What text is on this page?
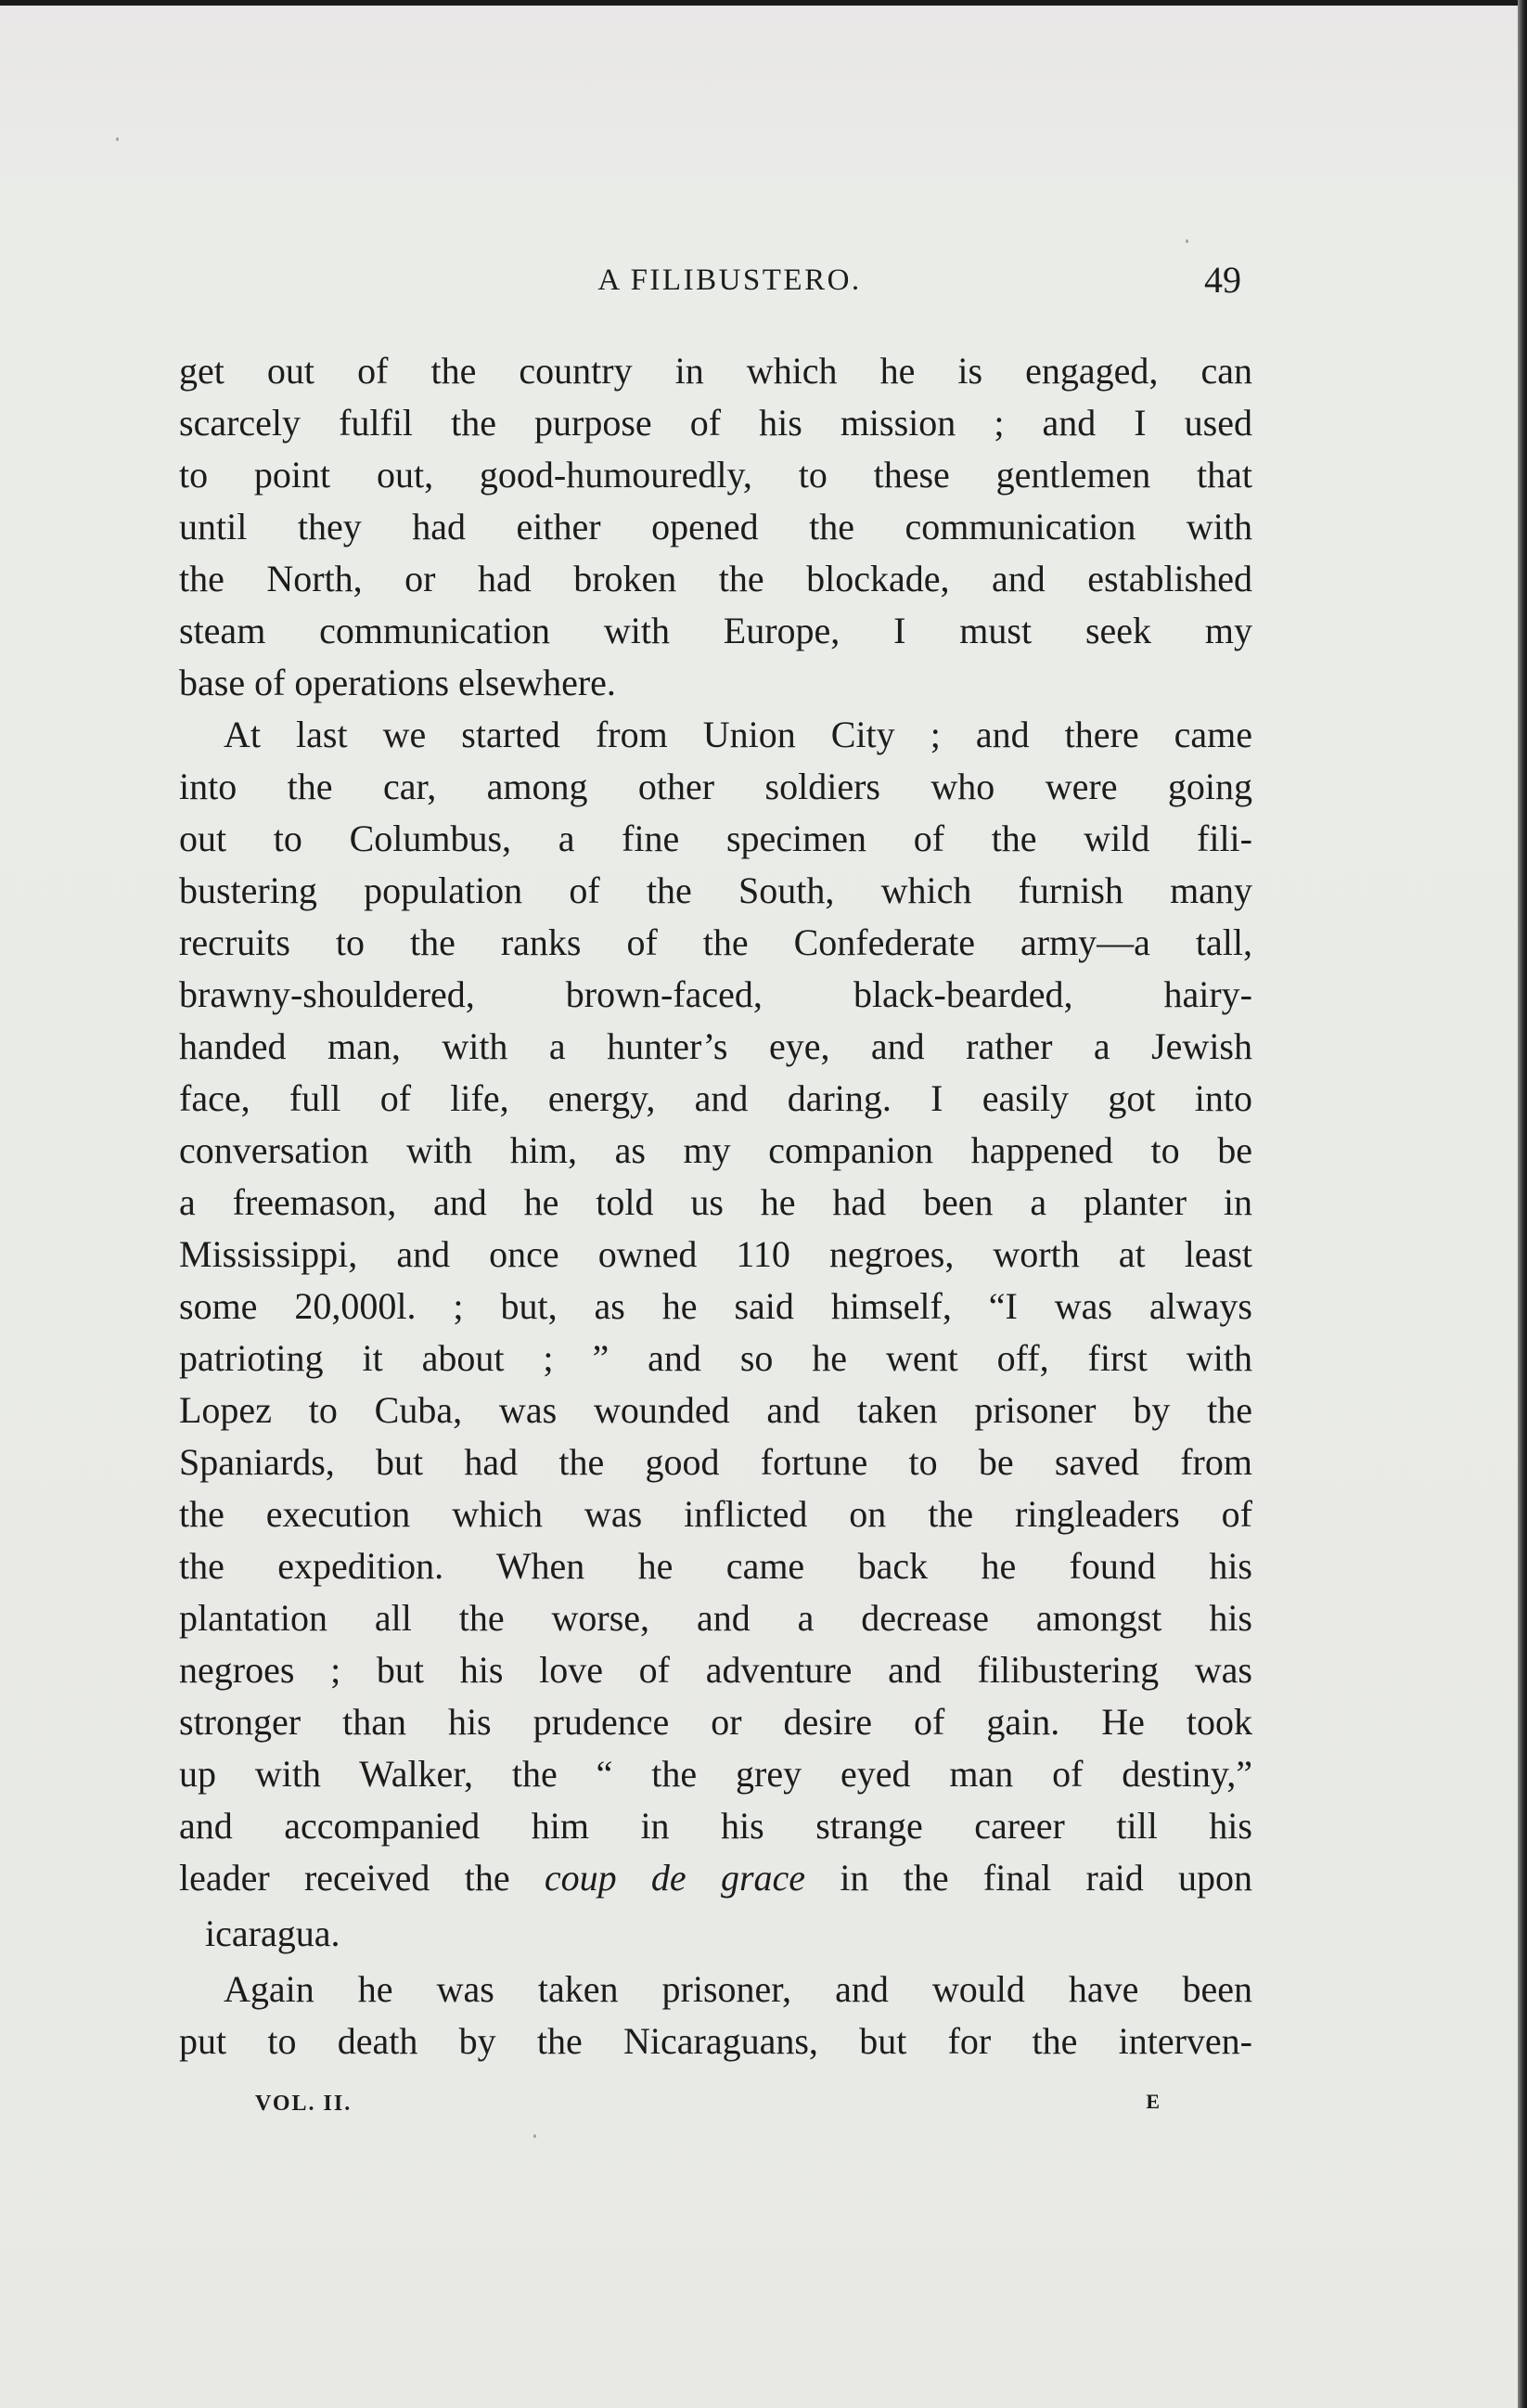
A FILIBUSTERO.	49
get out of the country in which he is engaged, can
scarcely fulfil the purpose of his mission ; and I used
to point out, good-humouredly, to these gentlemen that
until they had either opened the communication with
the North, or had broken the blockade, and established
steam communication with Europe, I must seek my
base of operations elsewhere.
At last we started from Union City ; and there came
into the car, among other soldiers who were going
out to Columbus, a fine specimen of the wild fili-
bustering population of the South, which furnish many
recruits to the ranks of the Confederate army—a tall,
brawny-shouldered, brown-faced, black-bearded, hairy-
handed man, with a hunter’s eye, and rather a Jewish
face, full of life, energy, and daring. I easily got into
conversation with him, as my companion happened to be
a freemason, and he told us he had been a planter in
Mississippi, and once owned 110 negroes, worth at least
some 20,000l. ; but, as he said himself, “I was always
patrioting it about ; ” and so he went off, first with
Lopez to Cuba, was wounded and taken prisoner by the
Spaniards, but had the good fortune to be saved from
the execution which was inflicted on the ringleaders of
the expedition. When he came back he found his
plantation all the worse, and a decrease amongst his
negroes ; but his love of adventure and filibustering was
stronger than his prudence or desire of gain. He took
up with Walker, the “ the grey eyed man of destiny,”
and accompanied him in his strange career till his
leader received the coup de grace in the final raid upon
icaragua.
Again he was taken prisoner, and would have been
put to death by the Nicaraguans, but for the interven-
VOL. II.	E
